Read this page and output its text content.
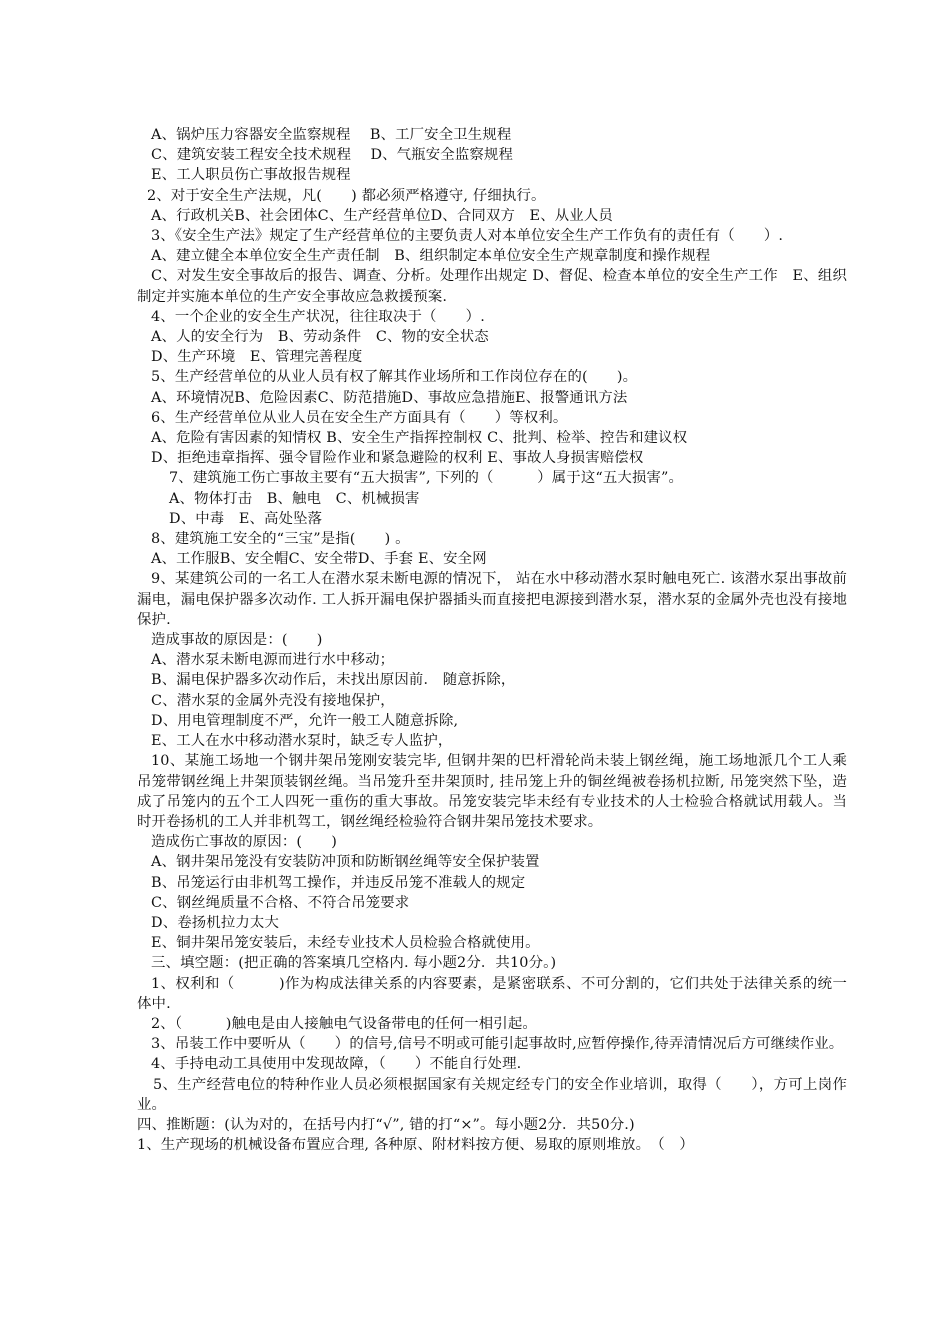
A、锅炉压力容器安全监察规程　 B、工厂安全卫生规程
C、建筑安装工程安全技术规程　 D、气瓶安全监察规程
E、工人职员伤亡事故报告规程
2、对于安全生产法规，凡(　　) 都必须严格遵守, 仔细执行。
A、行政机关B、社会团体C、生产经营单位D、合同双方　E、从业人员
3、《安全生产法》规定了生产经营单位的主要负责人对本单位安全生产工作负有的责任有（　　）.
A、建立健全本单位安全生产责任制　B、组织制定本单位安全生产规章制度和操作规程
C、对发生安全事故后的报告、调查、分析。处理作出规定 D、督促、检查本单位的安全生产工作　E、组织制定并实施本单位的生产安全事故应急救援预案.
4、一个企业的安全生产状况，往往取决于（　　）.
A、人的安全行为　B、劳动条件　C、物的安全状态
D、生产环境　E、管理完善程度
5、生产经营单位的从业人员有权了解其作业场所和工作岗位存在的(　　)。
A、环境情况B、危险因素C、防范措施D、事故应急措施E、报警通讯方法
6、生产经营单位从业人员在安全生产方面具有（　　）等权利。
A、危险有害因素的知情权 B、安全生产指挥控制权 C、批判、检举、控告和建议权
D、拒绝违章指挥、强令冒险作业和紧急避险的权利 E、事故人身损害赔偿权
7、建筑施工伤亡事故主要有“五大损害”, 下列的（　　　）属于这“五大损害”。
A、物体打击　B、触电　C、机械损害
D、中毒　E、高处坠落
8、建筑施工安全的“三宝”是指(　　) 。
A、工作服B、安全帽C、安全带D、手套 E、安全网
9、某建筑公司的一名工人在潜水泵未断电源的情况下， 站在水中移动潜水泵时触电死亡. 该潜水泵出事故前漏电，漏电保护器多次动作. 工人拆开漏电保护器插头而直接把电源接到潜水泵，潜水泵的金属外壳也没有接地保护.
造成事故的原因是：(　　)
A、潜水泵未断电源而进行水中移动；
B、漏电保护器多次动作后，未找出原因前． 随意拆除，
C、潜水泵的金属外壳没有接地保护，
D、用电管理制度不严，允许一般工人随意拆除,
E、工人在水中移动潜水泵时，缺乏专人监护，
10、某施工场地一个钢井架吊笼刚安装完毕, 但钢井架的巴杆滑轮尚未装上钢丝绳，施工场地派几个工人乘吊笼带钢丝绳上井架顶装钢丝绳。当吊笼升至井架顶时, 挂吊笼上升的铜丝绳被卷扬机拉断, 吊笼突然下坠，造成了吊笼内的五个工人四死一重伤的重大事故。吊笼安装完毕未经有专业技术的人士检验合格就试用载人。当时开卷扬机的工人并非机驾工，钢丝绳经检验符合钢井架吊笼技术要求。
造成伤亡事故的原因：(　　)
A、钢井架吊笼没有安装防冲顶和防断钢丝绳等安全保护装置
B、吊笼运行由非机驾工操作，并违反吊笼不准载人的规定
C、钢丝绳质量不合格、不符合吊笼要求
D、卷扬机拉力太大
E、铜井架吊笼安装后，未经专业技术人员检验合格就使用。
三、填空题：(把正确的答案填几空格内. 每小题2分．共10分。)
1、权利和（　　　)作为构成法律关系的内容要素，是紧密联系、不可分割的，它们共处于法律关系的统一体中.
2、（　　　)触电是由人接触电气设备带电的任何一相引起。
3、吊装工作中要听从（　　）的信号,信号不明或可能引起事故时,应暂停操作,待弄清情况后方可继续作业。
4、手持电动工具使用中发现故障，（　　）不能自行处理.
5、生产经营电位的特种作业人员必须根据国家有关规定经专门的安全作业培训，取得（　　），方可上岗作业。
四、推断题：(认为对的，在括号内打“√”, 错的打“×”。每小题2分．共50分.)
1、生产现场的机械设备布置应合理, 各种原、附材料按方便、易取的原则堆放。　（　）
